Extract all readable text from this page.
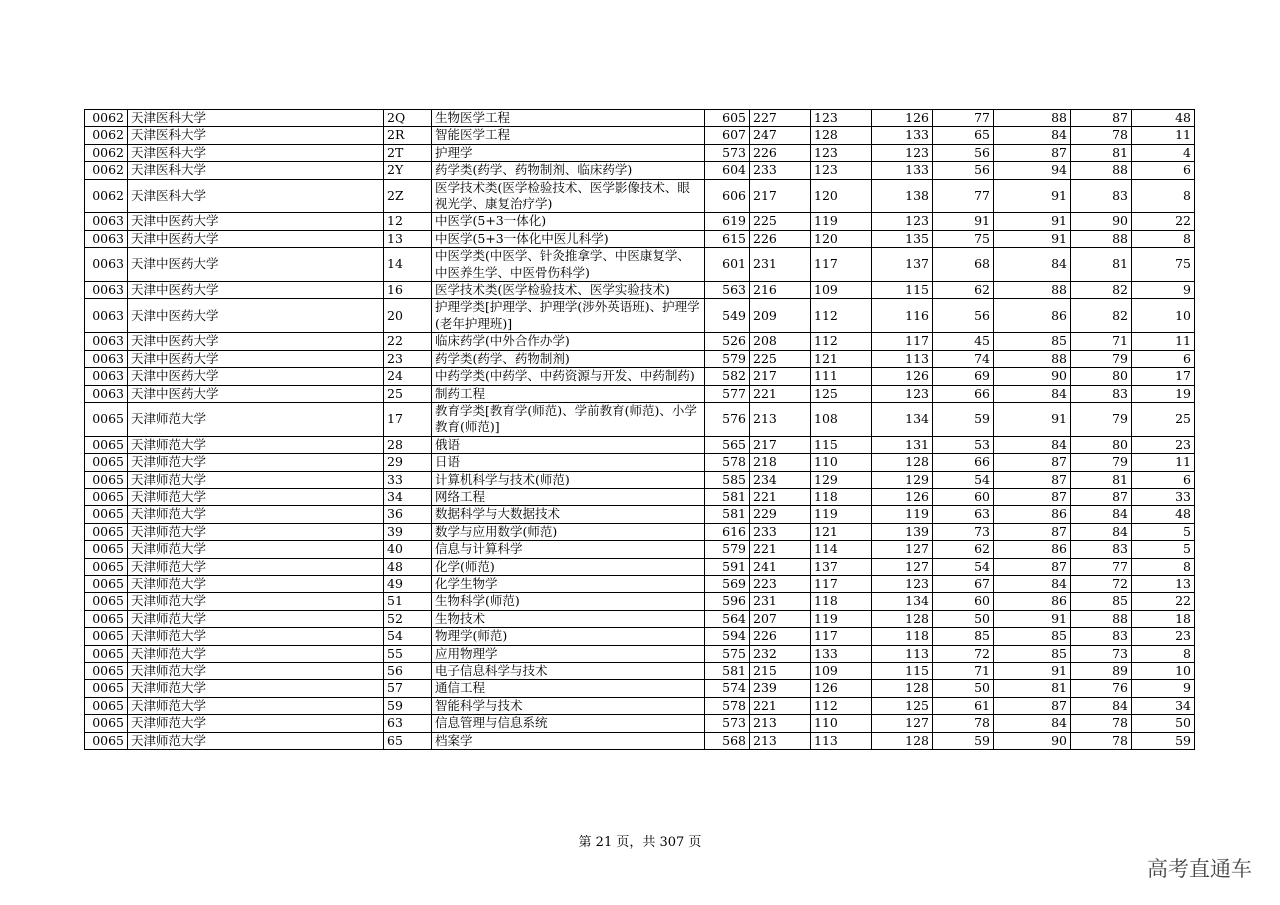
0062	天津医科大学	2Q	生物医学工程	605	227	123	126	77	88	87	48
0062	天津医科大学	2R	智能医学工程	607	247	128	133	65	84	78	11
0062	天津医科大学	2T	护理学	573	226	123	123	56	87	81	4
0062	天津医科大学	2Y	药学类(药学、药物制剂、临床药学)	604	233	123	133	56	94	88	6
0062	天津医科大学	2Z	医学技术类(医学检验技术、医学影像技术、眼视光学、康复治疗学)	606	217	120	138	77	91	83	8
0063	天津中医药大学	12	中医学(5+3一体化)	619	225	119	123	91	91	90	22
0063	天津中医药大学	13	中医学(5+3一体化中医儿科学)	615	226	120	135	75	91	88	8
0063	天津中医药大学	14	中医学类(中医学、针灸推拿学、中医康复学、中医养生学、中医骨伤科学)	601	231	117	137	68	84	81	75
0063	天津中医药大学	16	医学技术类(医学检验技术、医学实验技术)	563	216	109	115	62	88	82	9
0063	天津中医药大学	20	护理学类[护理学、护理学(涉外英语班)、护理学(老年护理班)]	549	209	112	116	56	86	82	10
0063	天津中医药大学	22	临床药学(中外合作办学)	526	208	112	117	45	85	71	11
0063	天津中医药大学	23	药学类(药学、药物制剂)	579	225	121	113	74	88	79	6
0063	天津中医药大学	24	中药学类(中药学、中药资源与开发、中药制药)	582	217	111	126	69	90	80	17
0063	天津中医药大学	25	制药工程	577	221	125	123	66	84	83	19
0065	天津师范大学	17	教育学类[教育学(师范)、学前教育(师范)、小学教育(师范)]	576	213	108	134	59	91	79	25
0065	天津师范大学	28	俄语	565	217	115	131	53	84	80	23
0065	天津师范大学	29	日语	578	218	110	128	66	87	79	11
0065	天津师范大学	33	计算机科学与技术(师范)	585	234	129	129	54	87	81	6
0065	天津师范大学	34	网络工程	581	221	118	126	60	87	87	33
0065	天津师范大学	36	数据科学与大数据技术	581	229	119	119	63	86	84	48
0065	天津师范大学	39	数学与应用数学(师范)	616	233	121	139	73	87	84	5
0065	天津师范大学	40	信息与计算科学	579	221	114	127	62	86	83	5
0065	天津师范大学	48	化学(师范)	591	241	137	127	54	87	77	8
0065	天津师范大学	49	化学生物学	569	223	117	123	67	84	72	13
0065	天津师范大学	51	生物科学(师范)	596	231	118	134	60	86	85	22
0065	天津师范大学	52	生物技术	564	207	119	128	50	91	88	18
0065	天津师范大学	54	物理学(师范)	594	226	117	118	85	85	83	23
0065	天津师范大学	55	应用物理学	575	232	133	113	72	85	73	8
0065	天津师范大学	56	电子信息科学与技术	581	215	109	115	71	91	89	10
0065	天津师范大学	57	通信工程	574	239	126	128	50	81	76	9
0065	天津师范大学	59	智能科学与技术	578	221	112	125	61	87	84	34
0065	天津师范大学	63	信息管理与信息系统	573	213	110	127	78	84	78	50
0065	天津师范大学	65	档案学	568	213	113	128	59	90	78	59
第 21 页，共 307 页
高考直通车
